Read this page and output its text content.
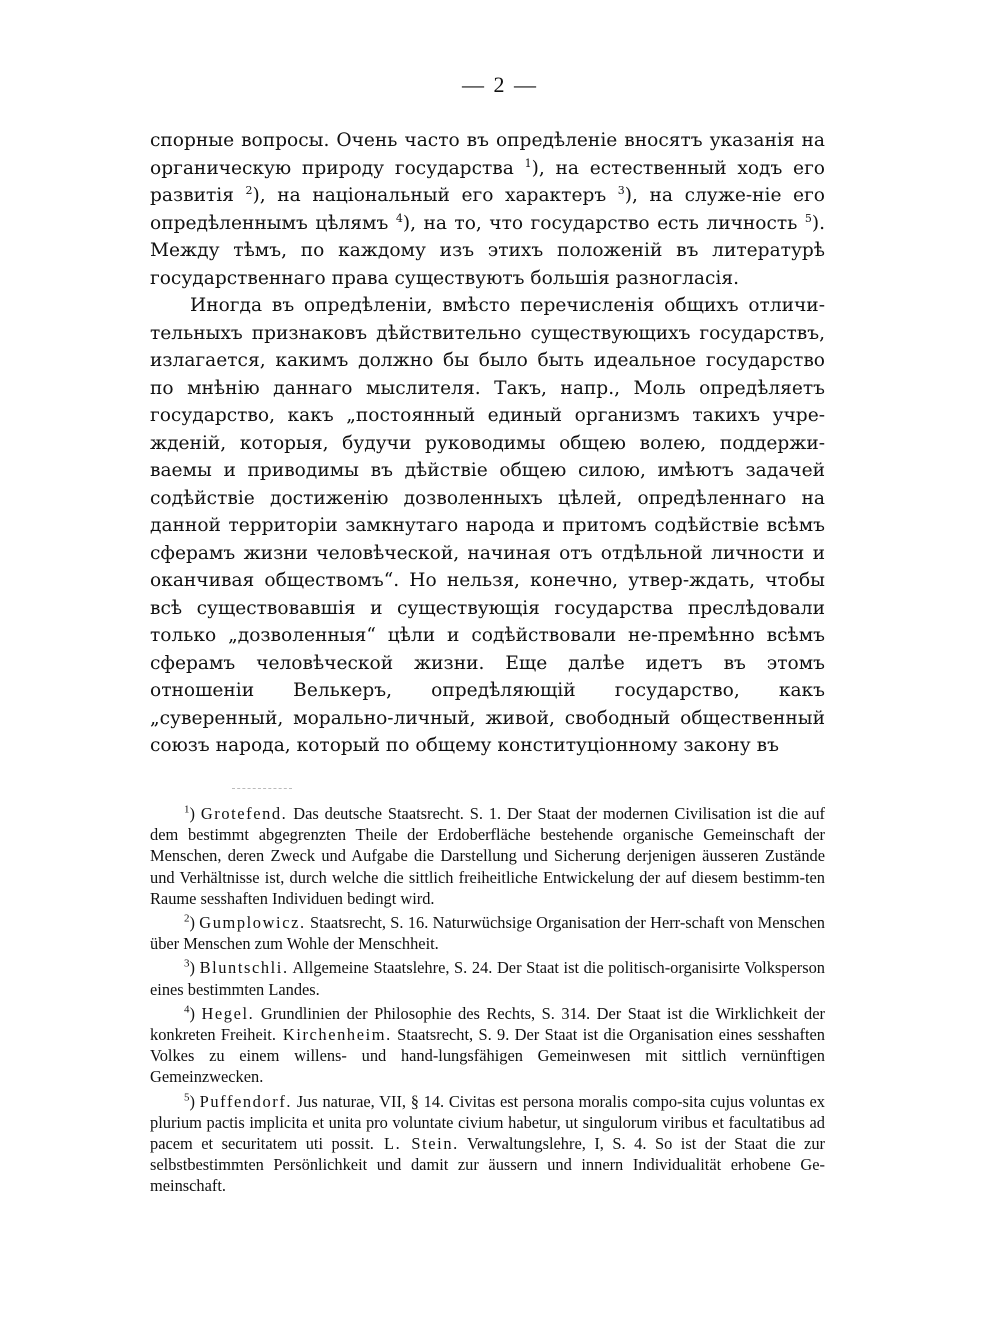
— 2 —

спорные вопросы. Очень часто въ опредѣленіе вносятъ указанія на органическую природу государства $^1$), на естественный ходъ его развитія $^2$), на національный его характеръ $^3$), на служе-ніе его опредѣленнымъ цѣлямъ $^4$), на то, что государство есть личность $^5$). Между тѣмъ, по каждому изъ этихъ положеній въ литературѣ государственнаго права существуютъ большія разногласія.

Иногда въ опредѣленіи, вмѣсто перечисленія общихъ отличи-тельныхъ признаковъ дѣйствительно существующихъ государствъ, излагается, какимъ должно бы было быть идеальное государство по мнѣнію даннаго мыслителя. Такъ, напр., Моль опредѣляетъ государство, какъ „постоянный единый организмъ такихъ учре-жденій, которыя, будучи руководимы общею волею, поддержи-ваемы и приводимы въ дѣйствіе общею силою, имѣютъ задачей содѣйствіе достиженію дозволенныхъ цѣлей, опредѣленнаго на данной территоріи замкнутаго народа и притомъ содѣйствіе всѣмъ сферамъ жизни человѣческой, начиная отъ отдѣльной личности и оканчивая обществомъ“. Но нельзя, конечно, утвер-ждать, чтобы всѣ существовавшія и существующія государства преслѣдовали только „дозволенныя“ цѣли и содѣйствовали не-премѣнно всѣмъ сферамъ человѣческой жизни. Еще далѣе идетъ въ этомъ отношеніи Велькеръ, опредѣляющій государство, какъ „суверенный, морально-личный, живой, свободный общественный союзъ народа, который по общему конституціонному закону въ

$^1$) Grotefend. Das deutsche Staatsrecht. S. 1. Der Staat der modernen Civilisation ist die auf dem bestimmt abgegrenzten Theile der Erdoberfläche bestehende organische Gemeinschaft der Menschen, deren Zweck und Aufgabe die Darstellung und Sicherung derjenigen äusseren Zustände und Verhältnisse ist, durch welche die sittlich freiheitliche Entwickelung der auf diesem bestimm-ten Raume sesshaften Individuen bedingt wird.

$^2$) Gumplowicz. Staatsrecht, S. 16. Naturwüchsige Organisation der Herr-schaft von Menschen über Menschen zum Wohle der Menschheit.

$^3$) Bluntschli. Allgemeine Staatslehre, S. 24. Der Staat ist die politisch-organisirte Volksperson eines bestimmten Landes.

$^4$) Hegel. Grundlinien der Philosophie des Rechts, S. 314. Der Staat ist die Wirklichkeit der konkreten Freiheit. Kirchenheim. Staatsrecht, S. 9. Der Staat ist die Organisation eines sesshaften Volkes zu einem willens- und hand-lungsfähigen Gemeinwesen mit sittlich vernünftigen Gemeinzwecken.

$^5$) Puffendorf. Jus naturae, VII, § 14. Civitas est persona moralis compo-sita cujus voluntas ex plurium pactis implicita et unita pro voluntate civium habetur, ut singulorum viribus et facultatibus ad pacem et securitatem uti possit. L. Stein. Verwaltungslehre, I, S. 4. So ist der Staat die zur selbstbestimmten Persönlichkeit und damit zur äussern und innern Individualität erhobene Ge-meinschaft.
